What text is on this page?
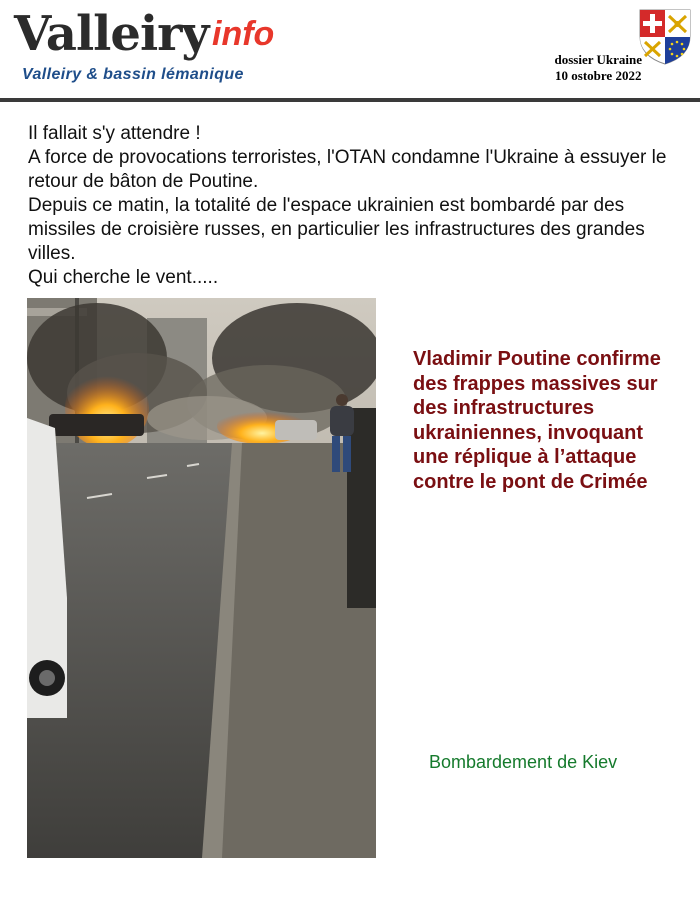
Valleiry info
Valleiry & bassin lémanique
dossier Ukraine
10 ostobre 2022

Il fallait s'y attendre !

A force de provocations terroristes, l'OTAN condamne l'Ukraine à essuyer le retour de bâton de Poutine.

Depuis ce matin, la totalité de l'espace ukrainien est bombardé par des missiles de croisière russes, en particulier les infrastructures des grandes villes.

Qui cherche le vent.....

Vladimir Poutine confirme des frappes massives sur des infrastructures ukrainiennes, invoquant une réplique à l’attaque contre le pont de Crimée
Bombardement de Kiev
